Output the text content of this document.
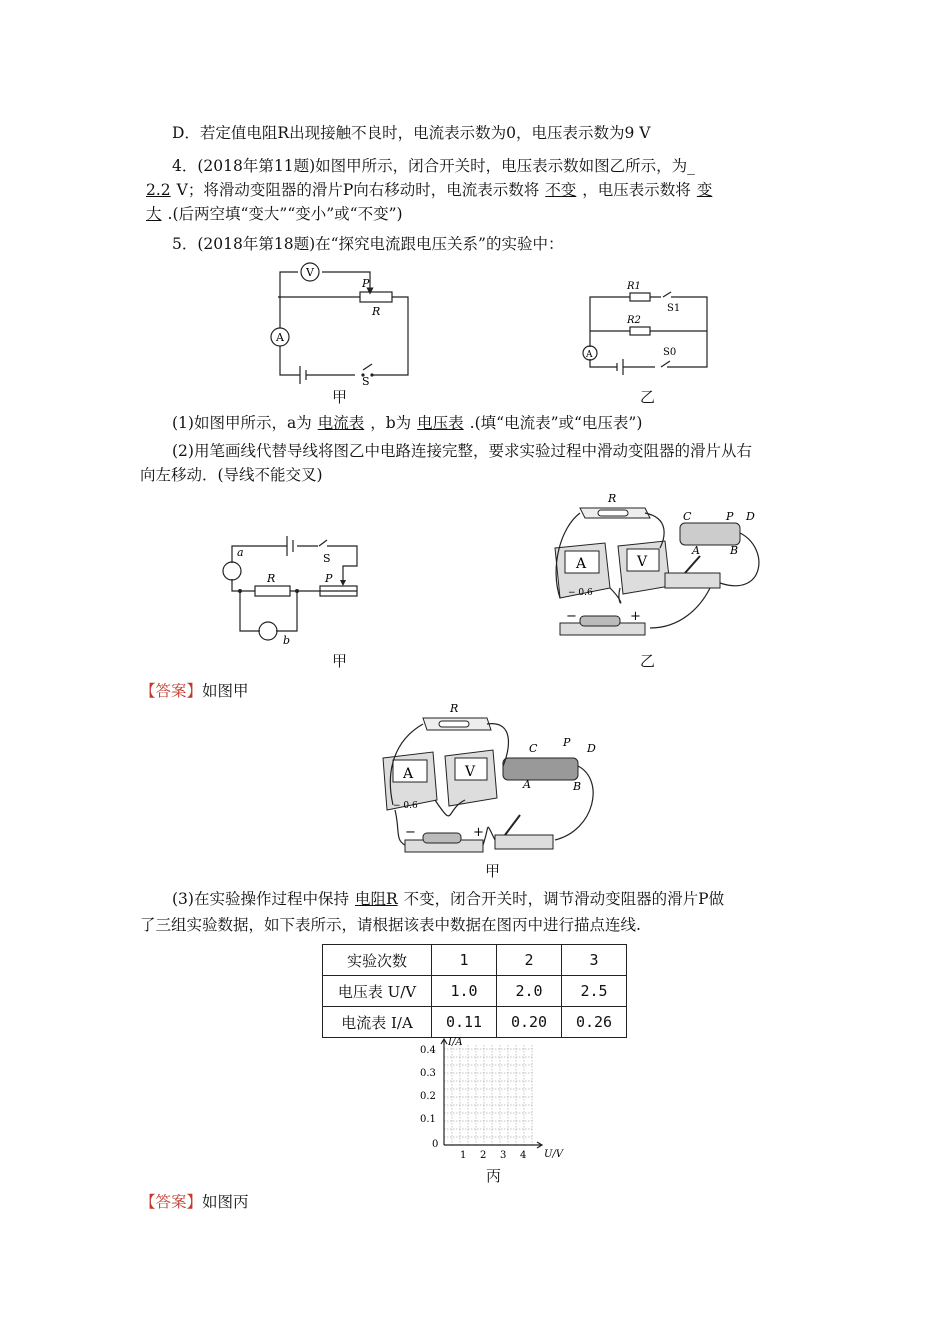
D．若定值电阻R出现接触不良时，电流表示数为0，电压表示数为9 V
4．(2018年第11题)如图甲所示，闭合开关时，电压表示数如图乙所示，为_
2.2 V；将滑动变阻器的滑片P向右移动时，电流表示数将 不变 ，电压表示数将 变
大 .(后两空填“变大”“变小”或“不变”)
5．(2018年第18题)在“探究电流跟电压关系”的实验中：
V
A
P
R
S
甲
R1
R2
S1
S0
A
乙
(1)如图甲所示，a为 电流表 ，b为 电压表 .(填“电流表”或“电压表”)
(2)用笔画线代替导线将图乙中电路连接完整，要求实验过程中滑动变阻器的滑片从右
向左移动．(导线不能交叉)
a
b
R	P
S
甲
R
A	V
C	P D
A	B
− 0.6
−	+
乙
【答案】如图甲
R
A	V
C P D
A	B
− 0.6
−	+
甲
(3)在实验操作过程中保持 电阻R 不变，闭合开关时，调节滑动变阻器的滑片P做
了三组实验数据，如下表所示，请根据该表中数据在图丙中进行描点连线.
实验次数	1	2	3
电压表 U/V	1.0	2.0	2.5
电流表 I/A	0.11	0.20	0.26
I/A
U/V
0.4
0.3
0.2
0.1
0
1 2 3 4
丙
【答案】如图丙
